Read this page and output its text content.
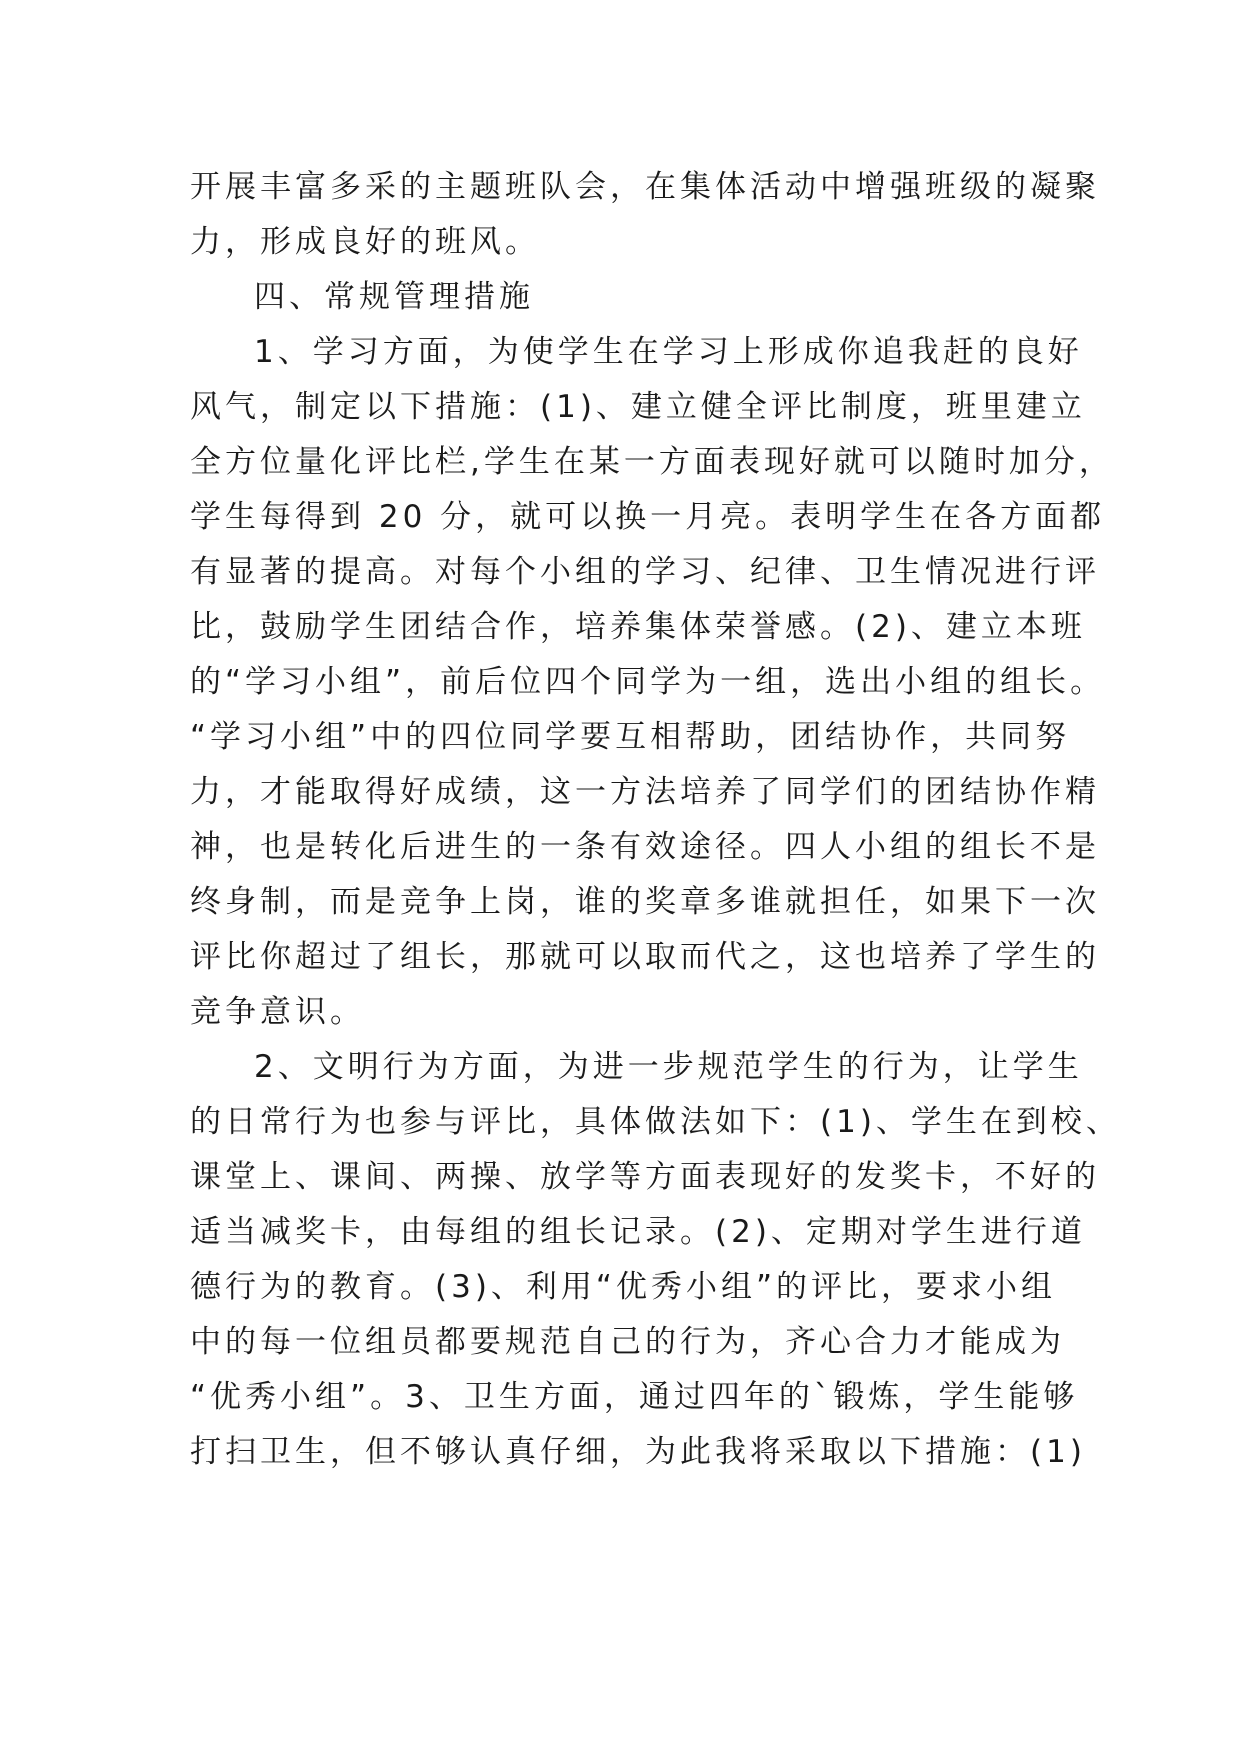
开展丰富多采的主题班队会，在集体活动中增强班级的凝聚
力，形成良好的班风。
四、常规管理措施
1、学习方面，为使学生在学习上形成你追我赶的良好
风气，制定以下措施：(1)、建立健全评比制度，班里建立
全方位量化评比栏,学生在某一方面表现好就可以随时加分，
学生每得到 20 分，就可以换一月亮。表明学生在各方面都
有显著的提高。对每个小组的学习、纪律、卫生情况进行评
比，鼓励学生团结合作，培养集体荣誉感。(2)、建立本班
的“学习小组”，前后位四个同学为一组，选出小组的组长。
“学习小组”中的四位同学要互相帮助，团结协作，共同努
力，才能取得好成绩，这一方法培养了同学们的团结协作精
神，也是转化后进生的一条有效途径。四人小组的组长不是
终身制，而是竞争上岗，谁的奖章多谁就担任，如果下一次
评比你超过了组长，那就可以取而代之，这也培养了学生的
竞争意识。
2、文明行为方面，为进一步规范学生的行为，让学生
的日常行为也参与评比，具体做法如下：(1)、学生在到校、
课堂上、课间、两操、放学等方面表现好的发奖卡，不好的
适当减奖卡，由每组的组长记录。(2)、定期对学生进行道
德行为的教育。(3)、利用“优秀小组”的评比，要求小组
中的每一位组员都要规范自己的行为，齐心合力才能成为
“优秀小组”。3、卫生方面，通过四年的`锻炼，学生能够
打扫卫生，但不够认真仔细，为此我将采取以下措施：(1)
